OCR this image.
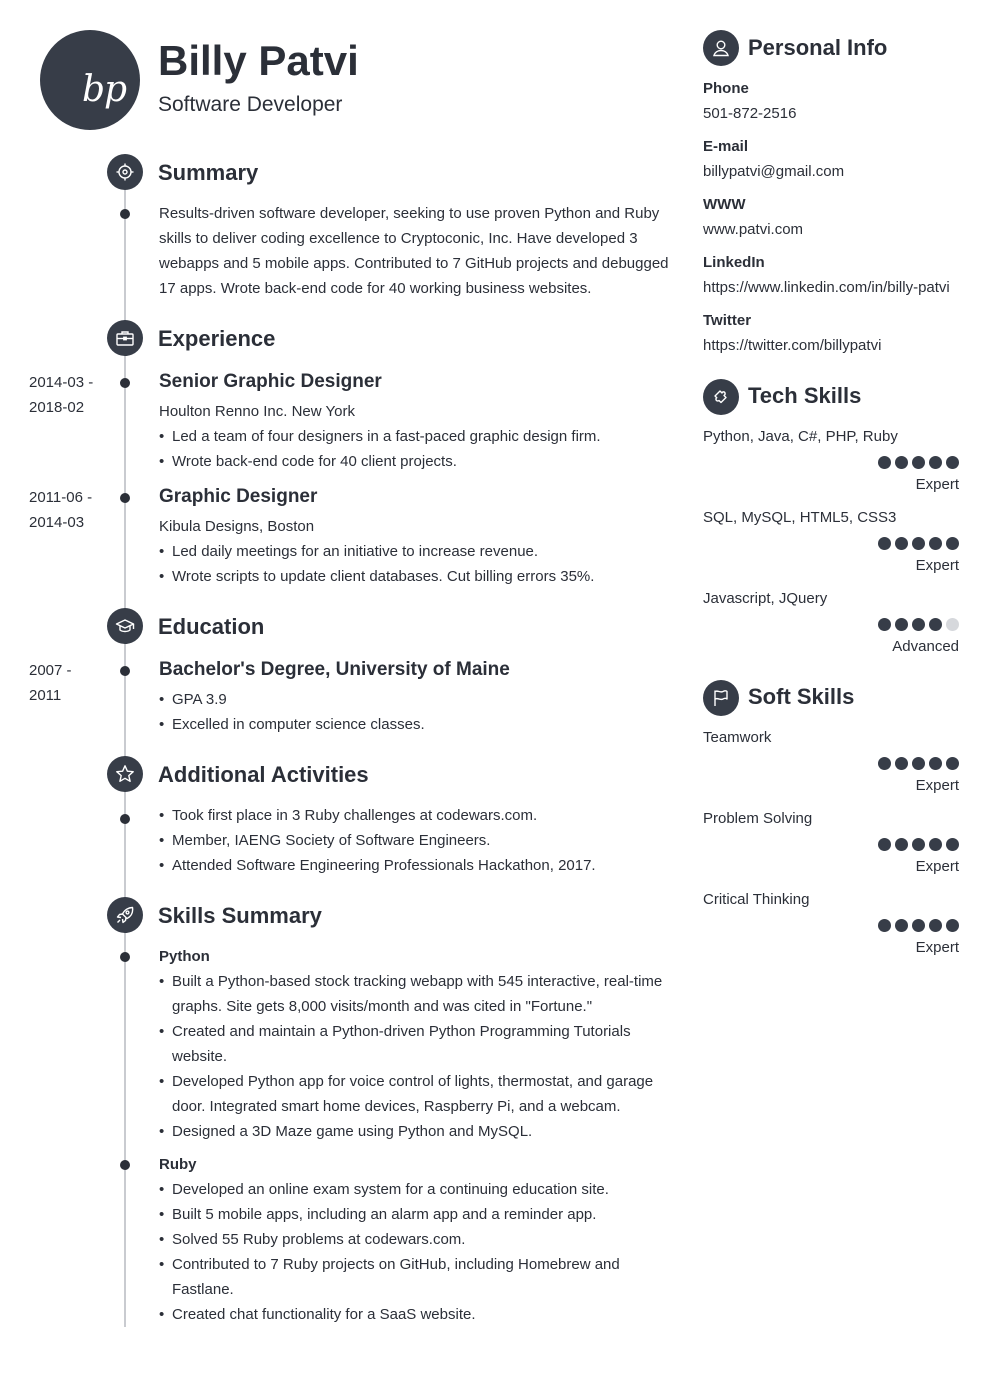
bp
Billy Patvi
Software Developer
Summary
Results-driven software developer, seeking to use proven Python and Ruby skills to deliver coding excellence to Cryptoconic, Inc. Have developed 3 webapps and 5 mobile apps. Contributed to 7 GitHub projects and debugged 17 apps. Wrote back-end code for 40 working business websites.
Experience
2014-03 -
2018-02
Senior Graphic Designer
Houlton Renno Inc. New York
• Led a team of four designers in a fast-paced graphic design firm.
• Wrote back-end code for 40 client projects.
2011-06 -
2014-03
Graphic Designer
Kibula Designs, Boston
• Led daily meetings for an initiative to increase revenue.
• Wrote scripts to update client databases. Cut billing errors 35%.
Education
2007 -
2011
Bachelor's Degree, University of Maine
• GPA 3.9
• Excelled in computer science classes.
Additional Activities
• Took first place in 3 Ruby challenges at codewars.com.
• Member, IAENG Society of Software Engineers.
• Attended Software Engineering Professionals Hackathon, 2017.
Skills Summary
Python
• Built a Python-based stock tracking webapp with 545 interactive, real-time graphs. Site gets 8,000 visits/month and was cited in "Fortune."
• Created and maintain a Python-driven Python Programming Tutorials website.
• Developed Python app for voice control of lights, thermostat, and garage door. Integrated smart home devices, Raspberry Pi, and a webcam.
• Designed a 3D Maze game using Python and MySQL.
Ruby
• Developed an online exam system for a continuing education site.
• Built 5 mobile apps, including an alarm app and a reminder app.
• Solved 55 Ruby problems at codewars.com.
• Contributed to 7 Ruby projects on GitHub, including Homebrew and Fastlane.
• Created chat functionality for a SaaS website.
Personal Info
Phone
501-872-2516
E-mail
billypatvi@gmail.com
WWW
www.patvi.com
LinkedIn
https://www.linkedin.com/in/billy-patvi
Twitter
https://twitter.com/billypatvi
Tech Skills
Python, Java, C#, PHP, Ruby
Expert
SQL, MySQL, HTML5, CSS3
Expert
Javascript, JQuery
Advanced
Soft Skills
Teamwork
Expert
Problem Solving
Expert
Critical Thinking
Expert
